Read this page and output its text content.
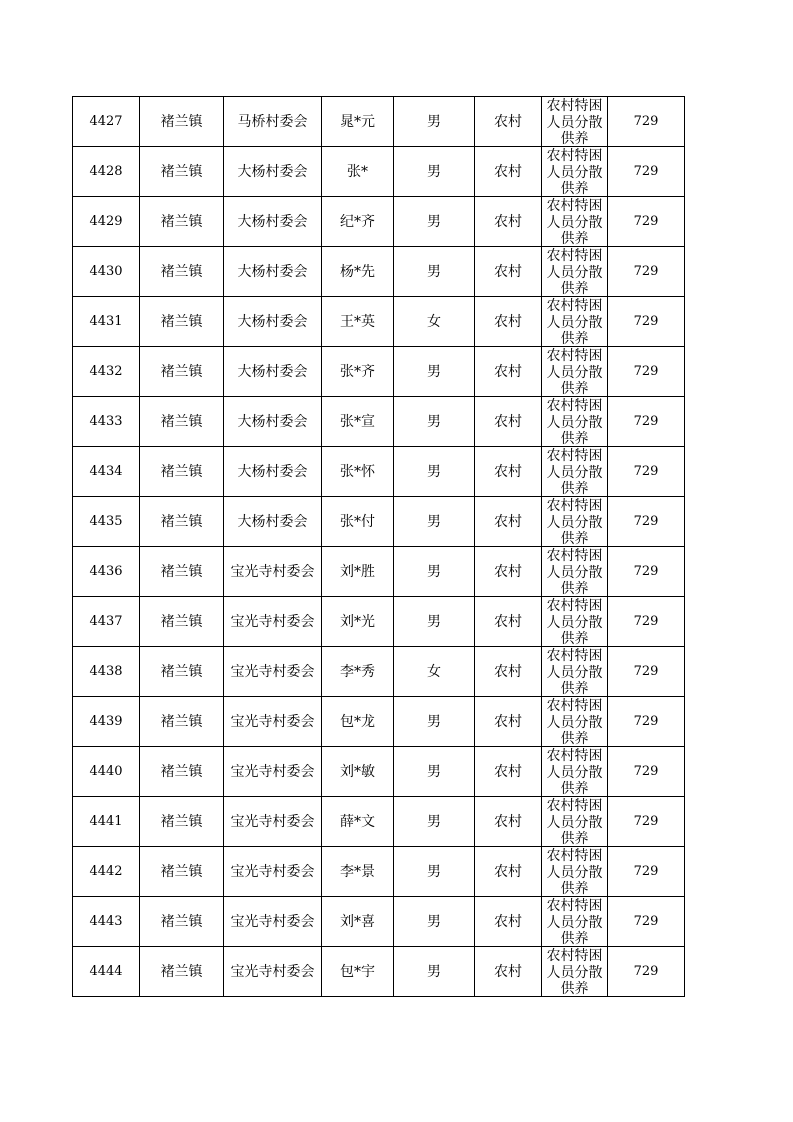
4427	褚兰镇	马桥村委会	晁*元	男	农村	农村特困人员分散供养	729
4428	褚兰镇	大杨村委会	张*	男	农村	农村特困人员分散供养	729
4429	褚兰镇	大杨村委会	纪*齐	男	农村	农村特困人员分散供养	729
4430	褚兰镇	大杨村委会	杨*先	男	农村	农村特困人员分散供养	729
4431	褚兰镇	大杨村委会	王*英	女	农村	农村特困人员分散供养	729
4432	褚兰镇	大杨村委会	张*齐	男	农村	农村特困人员分散供养	729
4433	褚兰镇	大杨村委会	张*宣	男	农村	农村特困人员分散供养	729
4434	褚兰镇	大杨村委会	张*怀	男	农村	农村特困人员分散供养	729
4435	褚兰镇	大杨村委会	张*付	男	农村	农村特困人员分散供养	729
4436	褚兰镇	宝光寺村委会	刘*胜	男	农村	农村特困人员分散供养	729
4437	褚兰镇	宝光寺村委会	刘*光	男	农村	农村特困人员分散供养	729
4438	褚兰镇	宝光寺村委会	李*秀	女	农村	农村特困人员分散供养	729
4439	褚兰镇	宝光寺村委会	包*龙	男	农村	农村特困人员分散供养	729
4440	褚兰镇	宝光寺村委会	刘*敏	男	农村	农村特困人员分散供养	729
4441	褚兰镇	宝光寺村委会	薛*文	男	农村	农村特困人员分散供养	729
4442	褚兰镇	宝光寺村委会	李*景	男	农村	农村特困人员分散供养	729
4443	褚兰镇	宝光寺村委会	刘*喜	男	农村	农村特困人员分散供养	729
4444	褚兰镇	宝光寺村委会	包*宇	男	农村	农村特困人员分散供养	729
